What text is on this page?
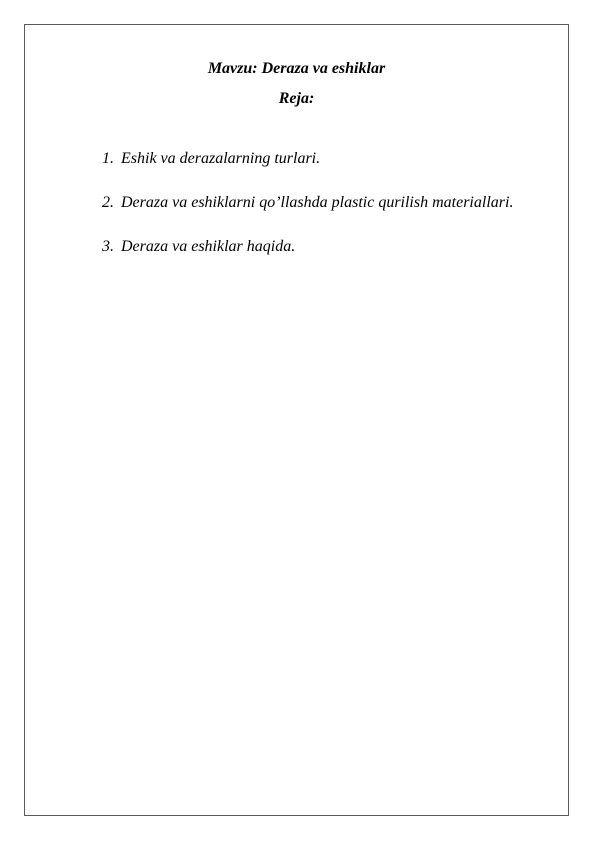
Mavzu: Deraza va eshiklar

Reja:

1. Eshik va derazalarning turlari.
2. Deraza va eshiklarni qo’llashda plastic qurilish materiallari.
3. Deraza va eshiklar haqida.
